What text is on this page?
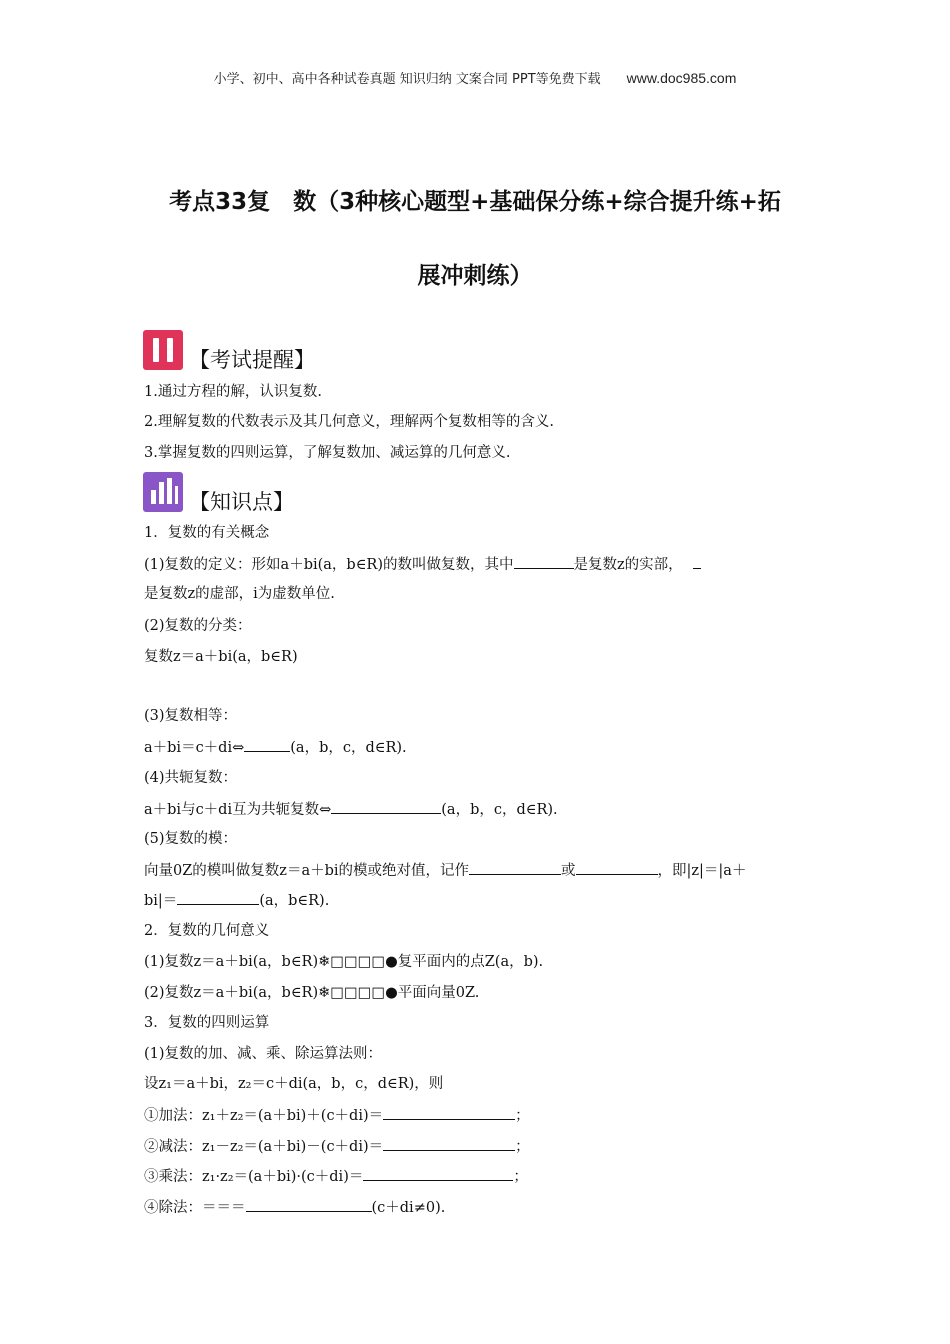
小学、初中、高中各种试卷真题 知识归纳 文案合同 PPT等免费下载 www.doc985.com
考点33复　数（3种核心题型+基础保分练+综合提升练+拓
展冲刺练）
【考试提醒】
1.通过方程的解，认识复数.
2.理解复数的代数表示及其几何意义，理解两个复数相等的含义.
3.掌握复数的四则运算，了解复数加、减运算的几何意义.
【知识点】
1．复数的有关概念
(1)复数的定义：形如a＋bi(a，b∈R)的数叫做复数，其中	是复数z的实部，
是复数z的虚部，i为虚数单位.
(2)复数的分类：
复数z＝a＋bi(a，b∈R)
(3)复数相等：
a＋bi＝c＋di⇔	(a，b，c，d∈R).
(4)共轭复数：
a＋bi与c＋di互为共轭复数⇔	(a，b，c，d∈R).
(5)复数的模：
向量0Z的模叫做复数z＝a＋bi的模或绝对值，记作	或	，即|z|＝|a＋
bi|＝	(a，b∈R).
2．复数的几何意义
(1)复数z＝a＋bi(a，b∈R)❄□□□□●复平面内的点Z(a，b).
(2)复数z＝a＋bi(a，b∈R)❄□□□□●平面向量0Z.
3．复数的四则运算
(1)复数的加、减、乘、除运算法则：
设z₁＝a＋bi，z₂＝c＋di(a，b，c，d∈R)，则
①加法：z₁＋z₂＝(a＋bi)＋(c＋di)＝	；
②减法：z₁－z₂＝(a＋bi)－(c＋di)＝	；
③乘法：z₁·z₂＝(a＋bi)·(c＋di)＝	；
④除法：＝＝＝	(c＋di≠0).
